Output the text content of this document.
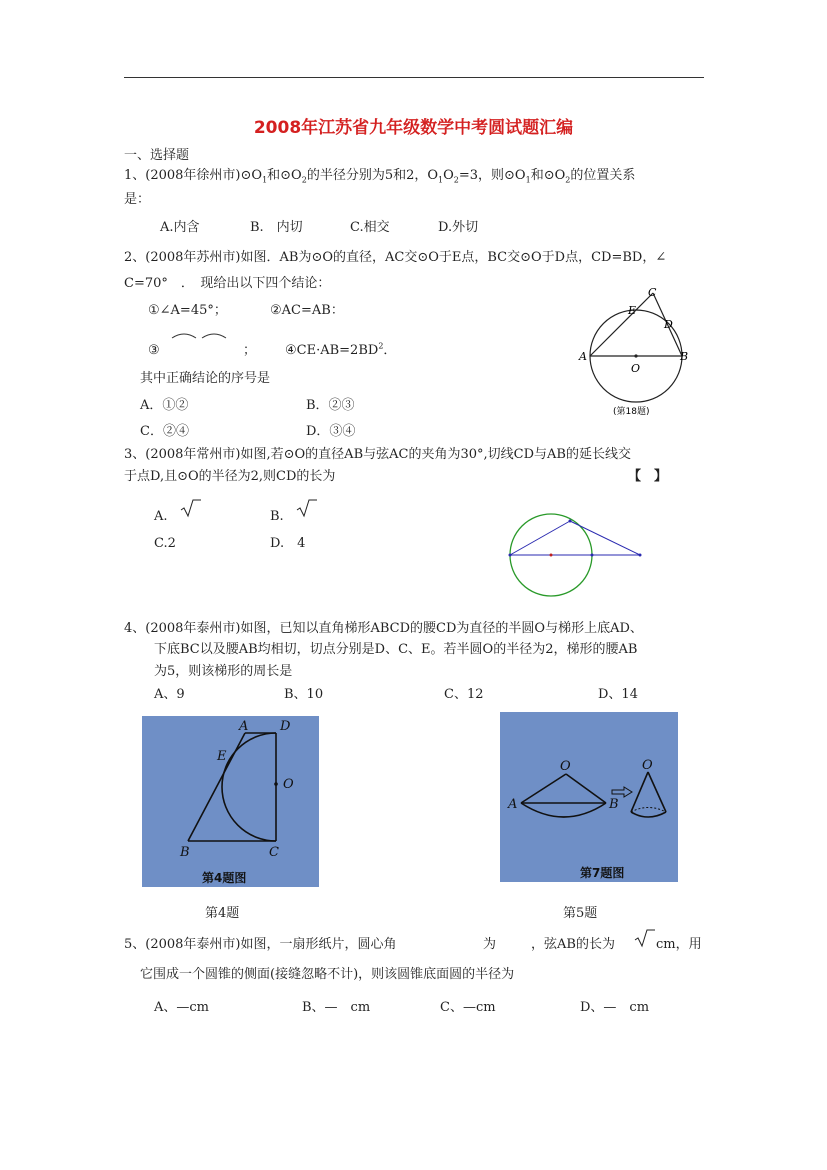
2008年江苏省九年级数学中考圆试题汇编
一、选择题
1、(2008年徐州市)$⊙O_1$和$⊙O_2$的半径分别为5和2，$O_1O_2=3$，则$⊙O_1$和$⊙O_2$的位置关系
是：
A.内含	B.　内切	C.相交	D.外切
2、(2008年苏州市)如图．AB为⊙O的直径，AC交⊙O于E点，BC交⊙O于D点，CD=BD，∠
C=70°　．　现给出以下四个结论：
①∠A=45°；	②AC=AB：
③	； $④CE\cdot AB=2BD^2$．
其中正确结论的序号是
A．①②	B．②③
C．②④	D．③④
C
E
D
A	B
O
(第18题)
3、(2008年常州市)如图,若⊙O的直径AB与弦AC的夹角为30°,切线CD与AB的延长线交
于点D,且⊙O的半径为2,则CD的长为	【　】
A.	B.
C.2	D.　4
4、(2008年泰州市)如图，已知以直角梯形ABCD的腰CD为直径的半圆O与梯形上底AD、
下底BC以及腰AB均相切，切点分别是D、C、E。若半圆O的半径为2，梯形的腰AB
为5，则该梯形的周长是
A、9	B、10	C、12	D、14
A D
E
O
B	C
第4题图
第4题
O
A	B
O
第7题图
第5题
5、(2008年泰州市)如图，一扇形纸片，圆心角	为	，弦AB的长为	cm，用
它围成一个圆锥的侧面(接缝忽略不计)，则该圆锥底面圆的半径为
A、—cm	B、—　cm	C、—cm	D、—　cm
